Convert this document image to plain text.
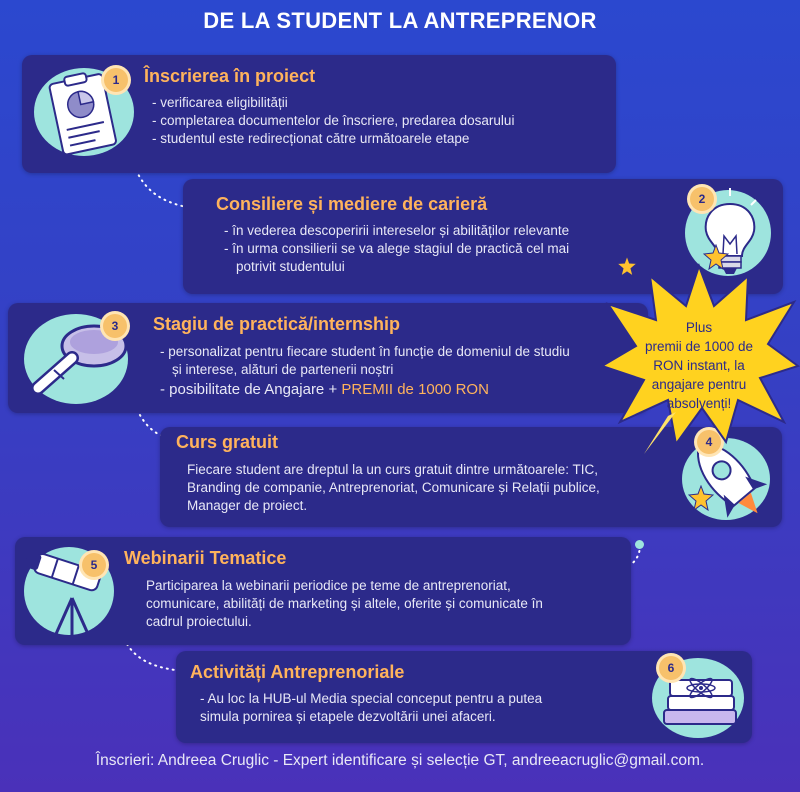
DE LA STUDENT LA ANTREPRENOR
1	Înscrierea în proiect
- verificarea eligibilității
- completarea documentelor de înscriere, predarea dosarului
- studentul este redirecționat către următoarele etape
2
Consiliere și mediere de carieră
- în vederea descoperirii intereselor și abilităților relevante
- în urma consilierii se va alege stagiul de practică cel mai
potrivit studentului
3	Stagiu de practică/internship
- personalizat pentru fiecare student în funcție de domeniul de studiu
și interese, alături de partenerii noștri
- posibilitate de Angajare + PREMII de 1000 RON
4
Curs gratuit
Fiecare student are dreptul la un curs gratuit dintre următoarele: TIC,
Branding de companie, Antreprenoriat, Comunicare și Relații publice,
Manager de proiect.
Plus
premii de 1000 de
RON instant, la
angajare pentru
absolvenți!
5	Webinarii Tematice
Participarea la webinarii periodice pe teme de antreprenoriat,
comunicare, abilități de marketing și altele, oferite și comunicate în
cadrul proiectului.
6
Activități Antreprenoriale
- Au loc la HUB-ul Media special conceput pentru a putea
simula pornirea și etapele dezvoltării unei afaceri.
Înscrieri: Andreea Cruglic - Expert identificare și selecție GT, andreeacruglic@gmail.com.
